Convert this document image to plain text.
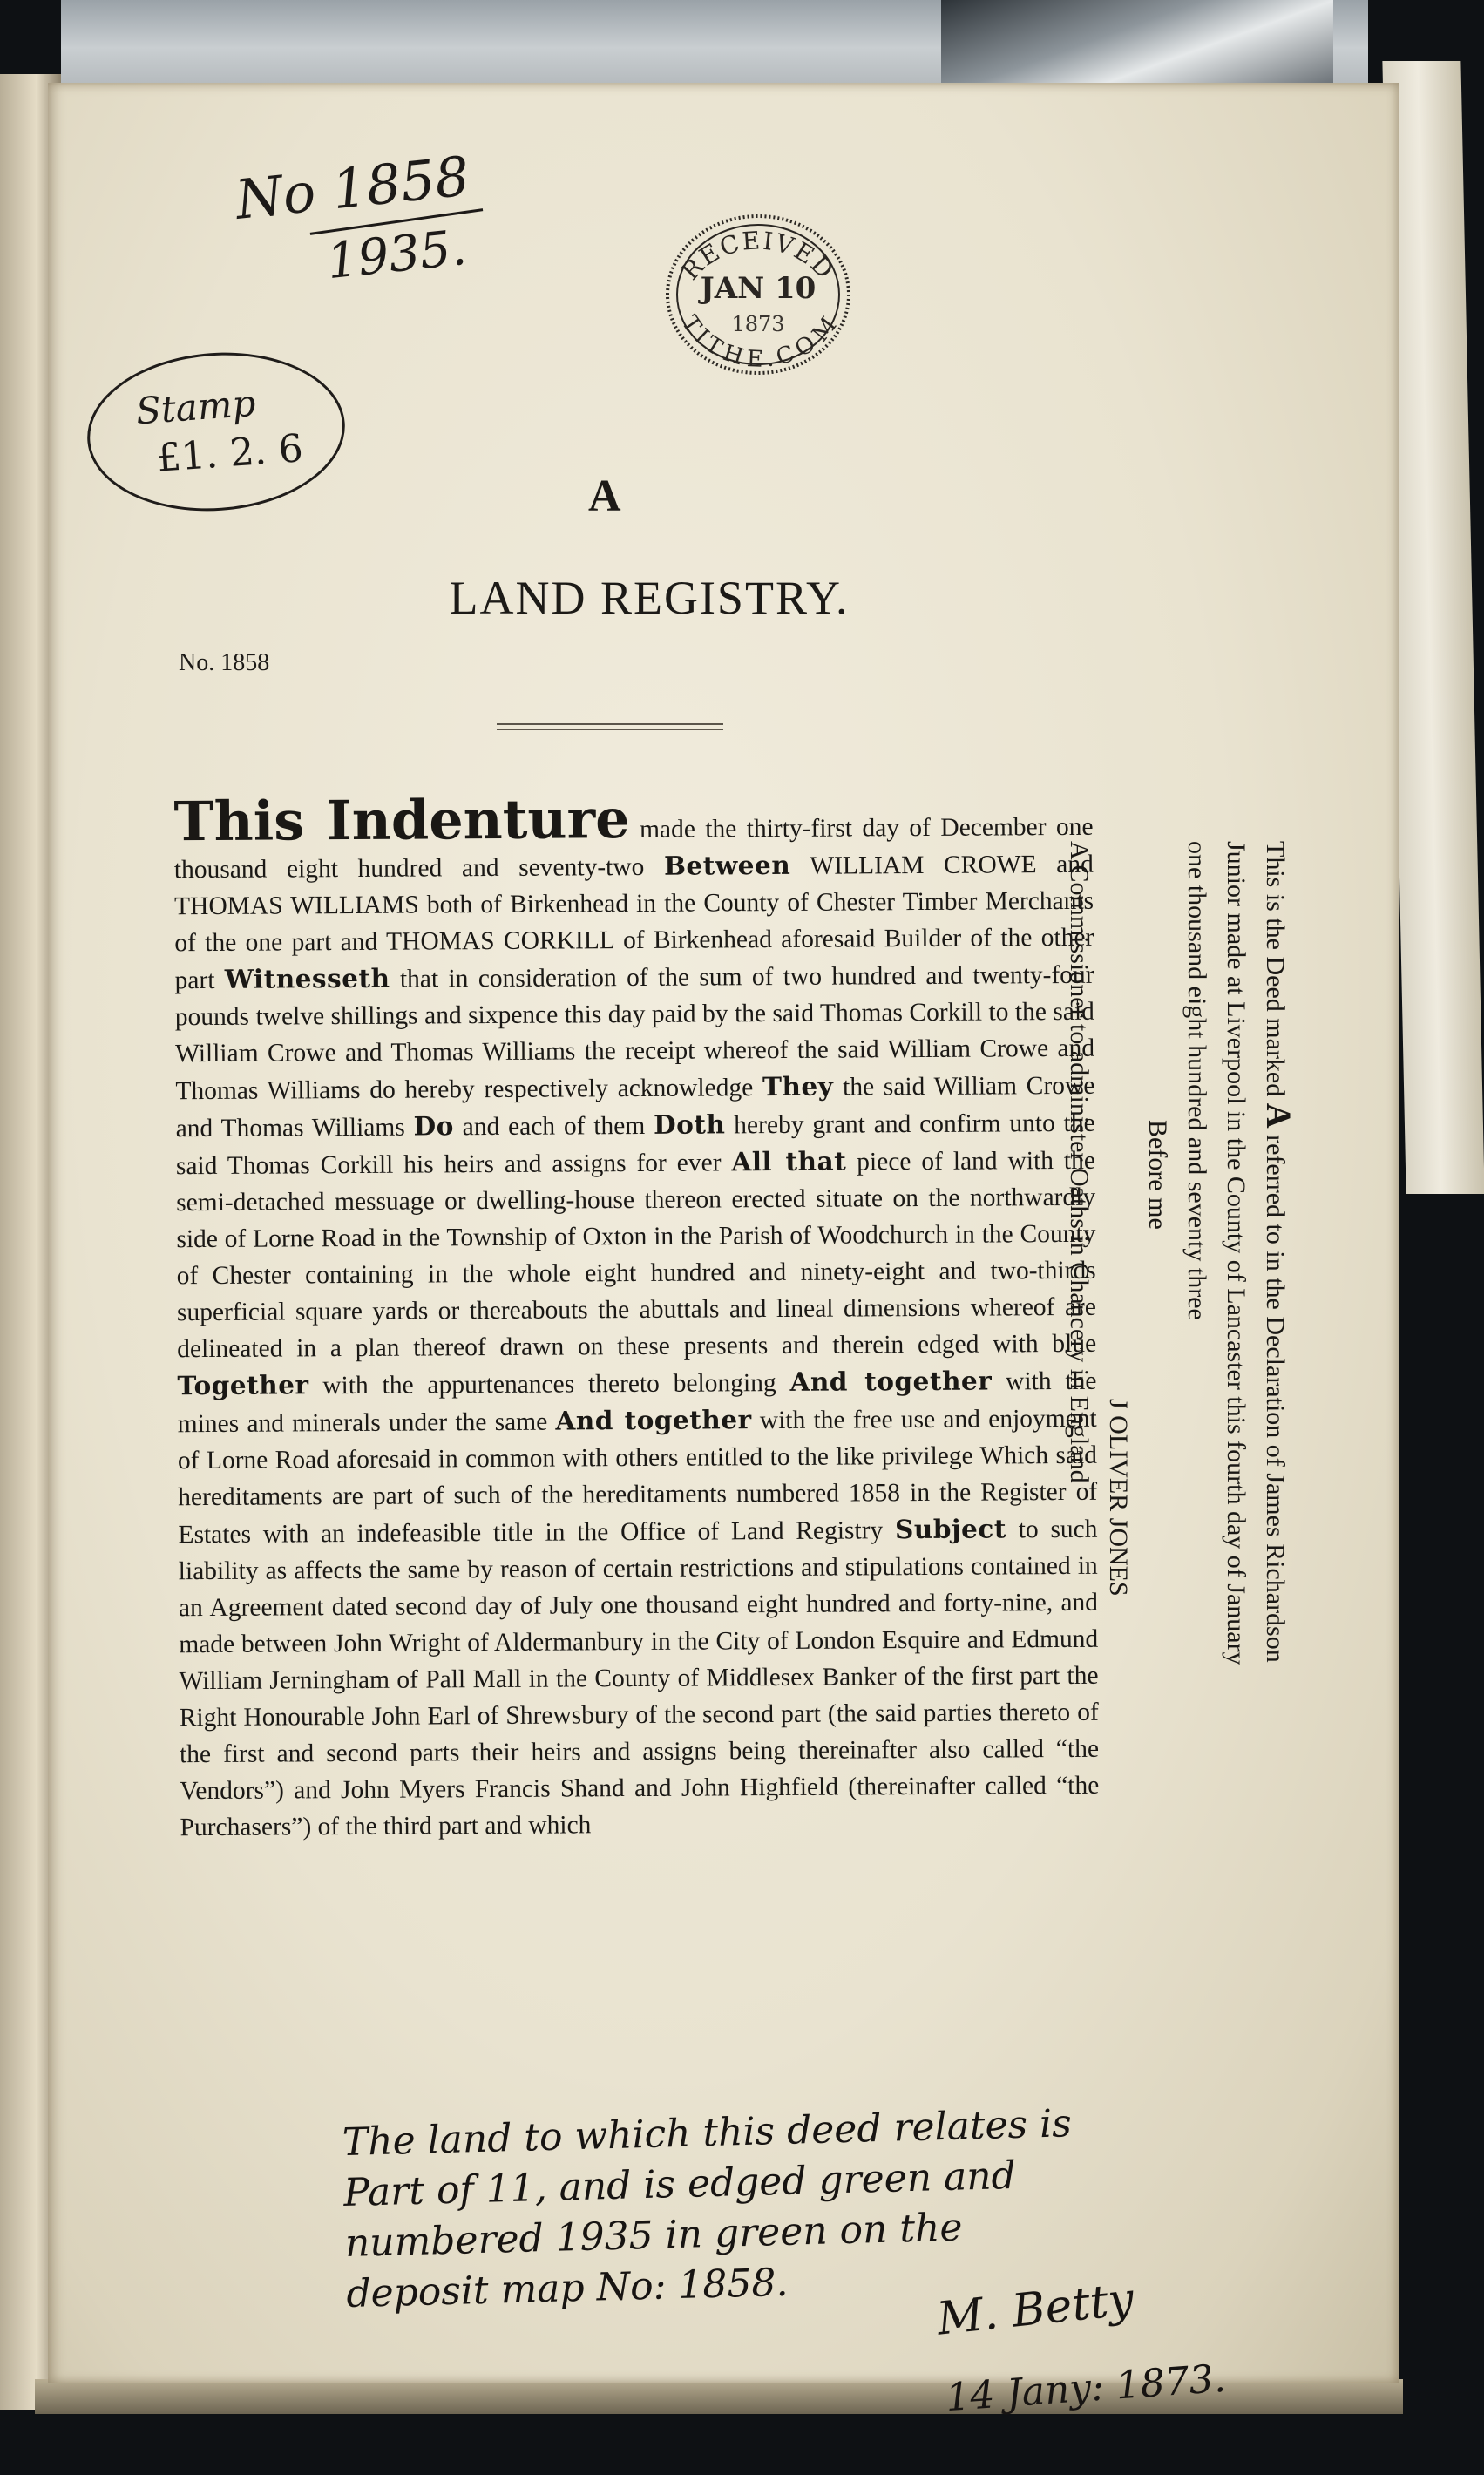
No 1858
1935.
Stamp
£1. 2. 6
RECEIVED
JAN 10
1873
TITHE.COM
A
LAND REGISTRY.
No. 1858

This Indenture made the thirty-first day of December one thousand eight hundred and seventy-two Between WILLIAM CROWE and THOMAS WILLIAMS both of Birkenhead in the County of Chester Timber Merchants of the one part and THOMAS CORKILL of Birkenhead aforesaid Builder of the other part Witnesseth that in consideration of the sum of two hundred and twenty-four pounds twelve shillings and sixpence this day paid by the said Thomas Corkill to the said William Crowe and Thomas Williams the receipt whereof the said William Crowe and Thomas Williams do hereby respectively acknowledge They the said William Crowe and Thomas Williams Do and each of them Doth hereby grant and confirm unto the said Thomas Corkill his heirs and assigns for ever All that piece of land with the semi-detached messuage or dwelling-house thereon erected situate on the northwardly side of Lorne Road in the Township of Oxton in the Parish of Woodchurch in the County of Chester containing in the whole eight hundred and ninety-eight and two-thirds superficial square yards or thereabouts the abuttals and lineal dimensions whereof are delineated in a plan thereof drawn on these presents and therein edged with blue Together with the appurtenances thereto belonging And together with the mines and minerals under the same And together with the free use and enjoyment of Lorne Road aforesaid in common with others entitled to the like privilege Which said hereditaments are part of such of the hereditaments numbered 1858 in the Register of Estates with an indefeasible title in the Office of Land Registry Subject to such liability as affects the same by reason of certain restrictions and stipulations contained in an Agreement dated second day of July one thousand eight hundred and forty-nine, and made between John Wright of Aldermanbury in the City of London Esquire and Edmund William Jerningham of Pall Mall in the County of Middlesex Banker of the first part the Right Honourable John Earl of Shrewsbury of the second part (the said parties thereto of the first and second parts their heirs and assigns being thereinafter also called “the Vendors”) and John Myers Francis Shand and John Highfield (thereinafter called “the Purchasers”) of the third part and which

This is the Deed marked A referred to in the Declaration of James Richardson
Junior made at Liverpool in the County of Lancaster this fourth day of January
one thousand eight hundred and seventy three
Before me
J OLIVER JONES
A Commissioner to administer Oaths in Chancery in England
The land to which this deed relates is
Part of 11, and is edged green and
numbered 1935 in green on the
deposit map No: 1858.	M. Betty
14 Jany: 1873.
